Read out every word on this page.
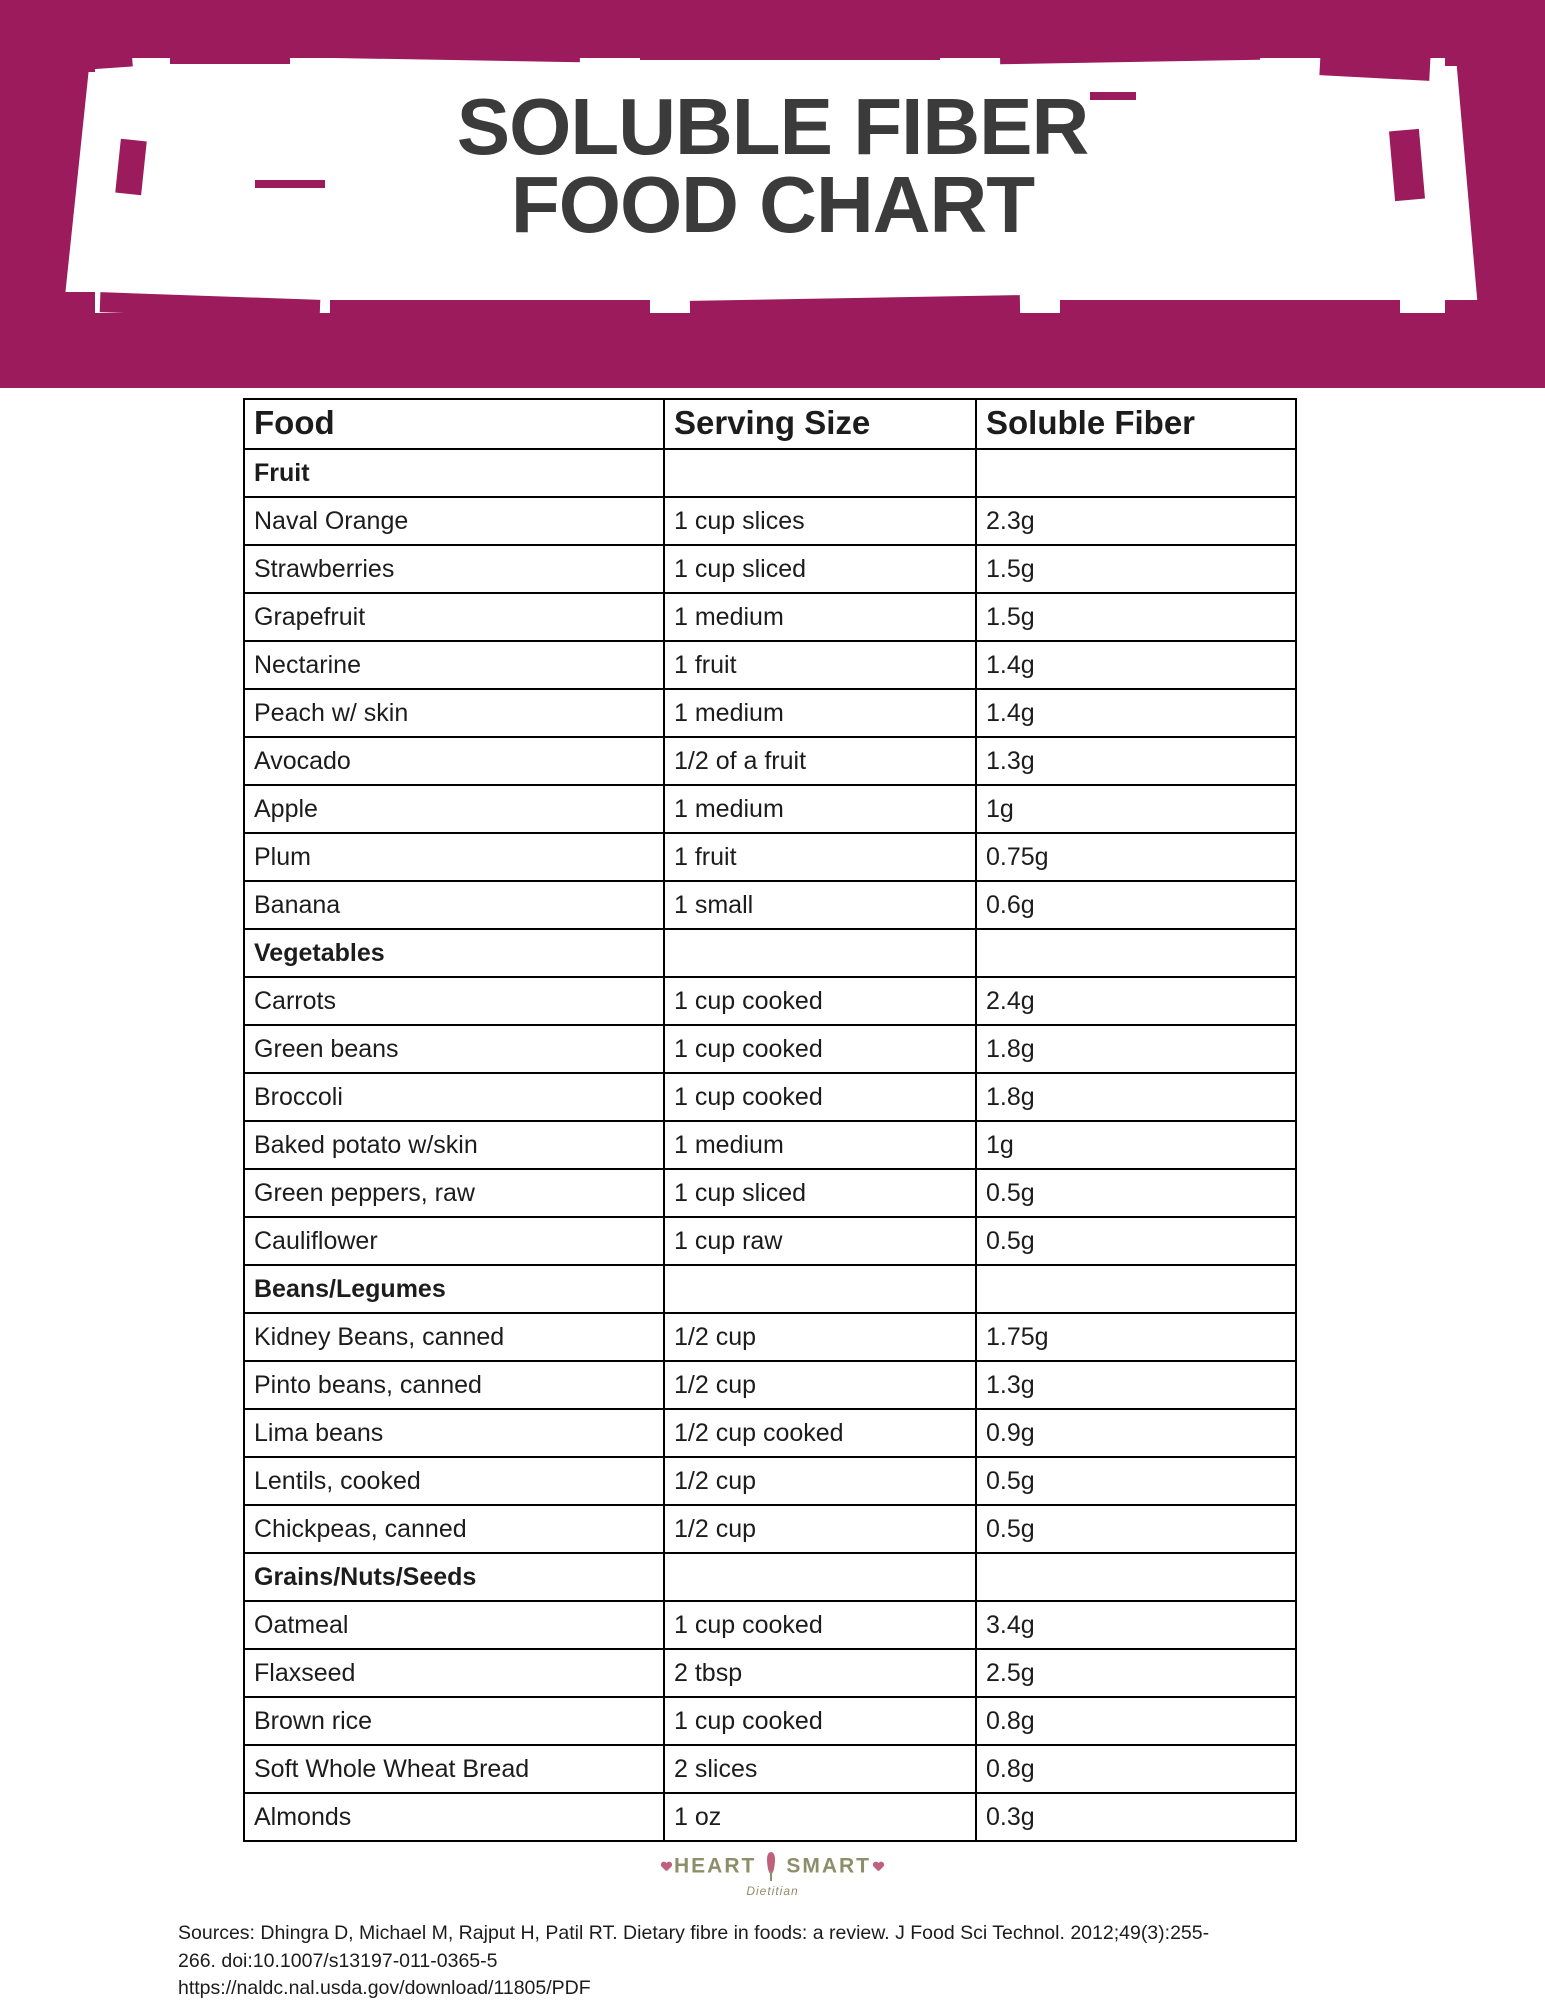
SOLUBLE FIBER
FOOD CHART
Food	Serving Size	Soluble Fiber
Fruit		
Naval Orange	1 cup slices	2.3g
Strawberries	1 cup sliced	1.5g
Grapefruit	1 medium	1.5g
Nectarine	1 fruit	1.4g
Peach w/ skin	1 medium	1.4g
Avocado	1/2 of a fruit	1.3g
Apple	1 medium	1g
Plum	1 fruit	0.75g
Banana	1 small	0.6g
Vegetables		
Carrots	1 cup cooked	2.4g
Green beans	1 cup cooked	1.8g
Broccoli	1 cup cooked	1.8g
Baked potato w/skin	1 medium	1g
Green peppers, raw	1 cup sliced	0.5g
Cauliflower	1 cup raw	0.5g
Beans/Legumes		
Kidney Beans, canned	1/2 cup	1.75g
Pinto beans, canned	1/2 cup	1.3g
Lima beans	1/2 cup cooked	0.9g
Lentils, cooked	1/2 cup	0.5g
Chickpeas, canned	1/2 cup	0.5g
Grains/Nuts/Seeds		
Oatmeal	1 cup cooked	3.4g
Flaxseed	2 tbsp	2.5g
Brown rice	1 cup cooked	0.8g
Soft Whole Wheat Bread	2 slices	0.8g
Almonds	1 oz	0.3g
HEART SMART
Dietitian
Sources: Dhingra D, Michael M, Rajput H, Patil RT. Dietary fibre in foods: a review. J Food Sci Technol. 2012;49(3):255-
266. doi:10.1007/s13197-011-0365-5
https://naldc.nal.usda.gov/download/11805/PDF
